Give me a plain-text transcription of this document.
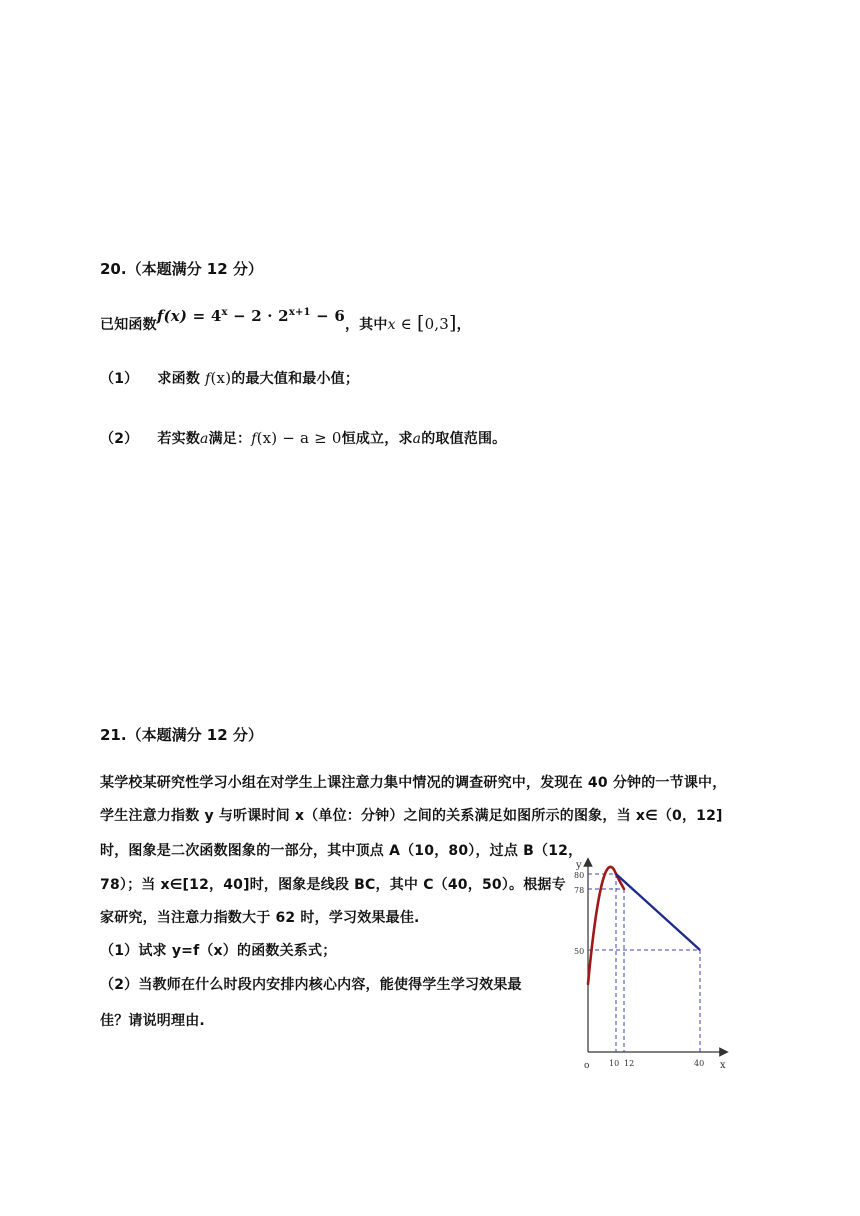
20.（本题满分 12 分）
已知函数$f(x) = 4^x - 2 \cdot 2^{x+1} - 6$，其中x ∈ [0,3]，
（1） 求函数 f(x)的最大值和最小值；
（2） 若实数a满足：f(x) − a ≥ 0恒成立，求a的取值范围。
21.（本题满分 12 分）
某学校某研究性学习小组在对学生上课注意力集中情况的调查研究中，发现在 40 分钟的一节课中，
学生注意力指数 y 与听课时间 x（单位：分钟）之间的关系满足如图所示的图象，当 x∈（0，12]
时，图象是二次函数图象的一部分，其中顶点 A（10，80），过点 B（12，
78）；当 x∈[12，40]时，图象是线段 BC，其中 C（40，50）。根据专
家研究，当注意力指数大于 62 时，学习效果最佳.
（1）试求 y=f（x）的函数关系式；
（2）当教师在什么时段内安排内核心内容，能使得学生学习效果最
佳？请说明理由.
y
x
o
80
78
50
10 12	40
